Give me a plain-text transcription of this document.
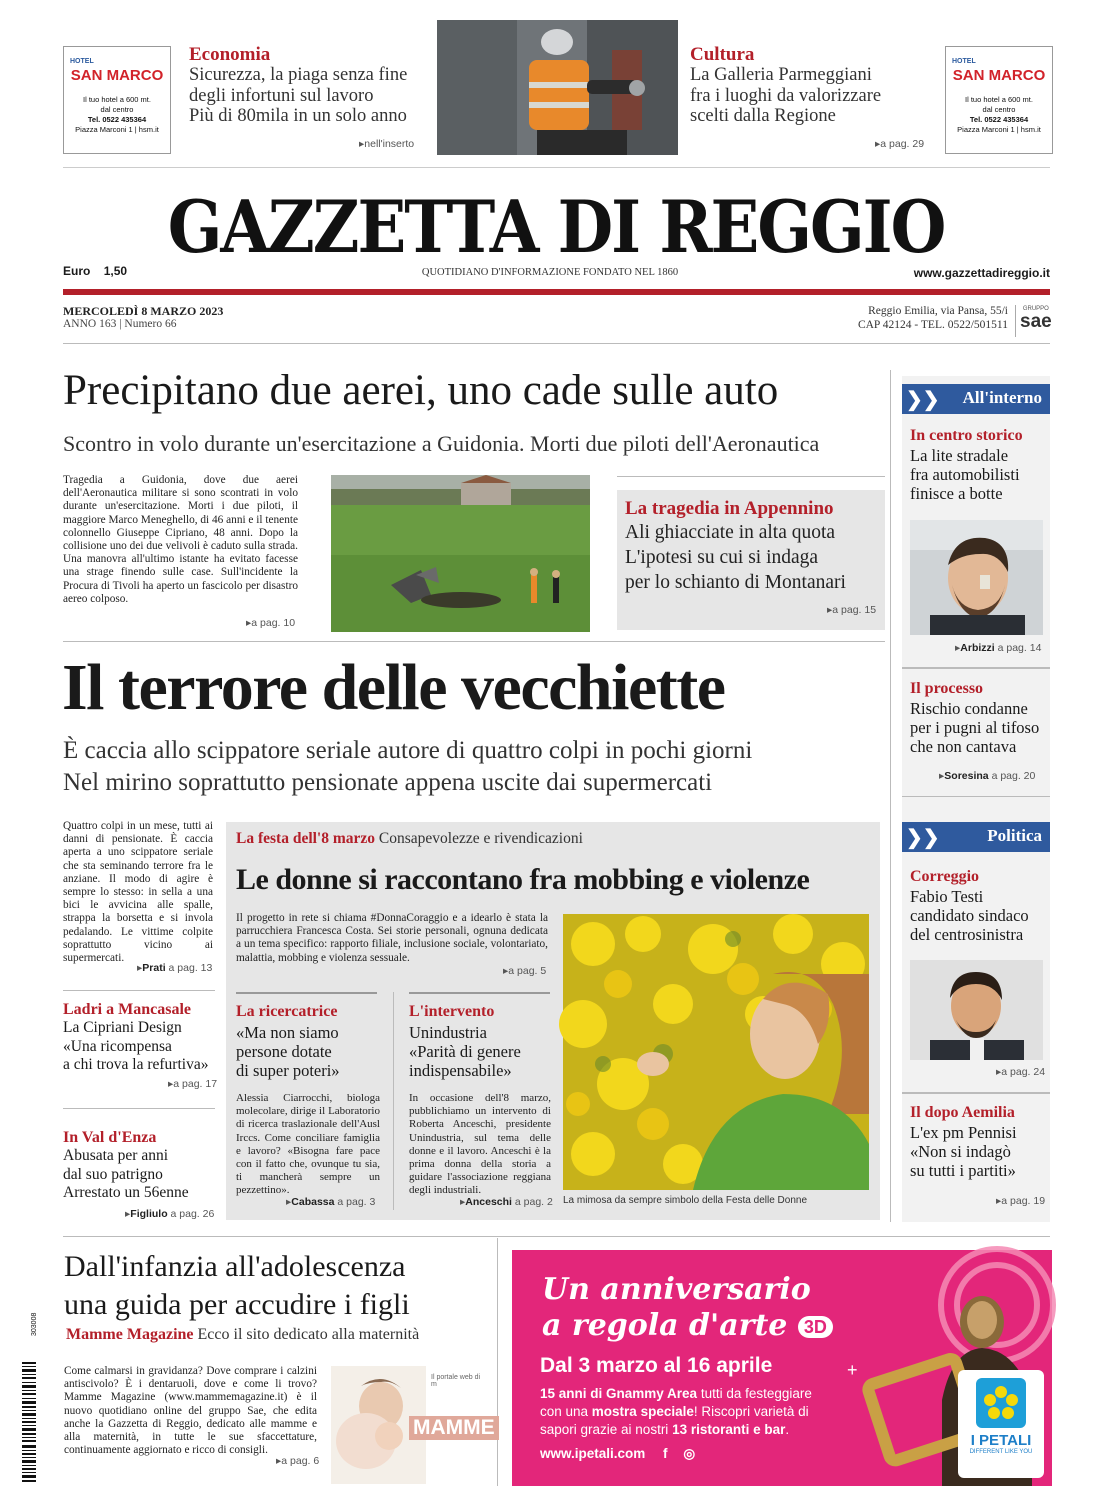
HOTEL
SAN MARCO
Il tuo hotel a 600 mt.
dal centro
Tel. 0522 435364
Piazza Marconi 1 | hsm.it
Economia
Sicurezza, la piaga senza fine
degli infortuni sul lavoro
Più di 80mila in un solo anno
▸nell'inserto
Cultura
La Galleria Parmeggiani
fra i luoghi da valorizzare
scelti dalla Regione
▸a pag. 29
HOTEL
SAN MARCO
Il tuo hotel a 600 mt.
dal centro
Tel. 0522 435364
Piazza Marconi 1 | hsm.it
GAZZETTA DI REGGIO
Euro 1,50	QUOTIDIANO D'INFORMAZIONE FONDATO NEL 1860	www.gazzettadireggio.it
MERCOLEDÌ 8 MARZO 2023
ANNO 163 | Numero 66
Reggio Emilia, via Pansa, 55/i
CAP 42124 - TEL. 0522/501511
GRUPPO
sae
Precipitano due aerei, uno cade sulle auto
Scontro in volo durante un'esercitazione a Guidonia. Morti due piloti dell'Aeronautica
Tragedia a Guidonia, dove due aerei dell'Aeronautica militare si sono scontrati in volo durante un'esercitazione. Morti i due piloti, il maggiore Marco Meneghello, di 46 anni e il tenente colonnello Giuseppe Cipriano, 48 anni. Dopo la collisione uno dei due velivoli è caduto sulla strada. Una manovra all'ultimo istante ha evitato facesse una strage finendo sulle case. Sull'incidente la Procura di Tivoli ha aperto un fascicolo per disastro aereo colposo.
▸a pag. 10
La tragedia in Appennino
Ali ghiacciate in alta quota
L'ipotesi su cui si indaga
per lo schianto di Montanari
▸a pag. 15
Il terrore delle vecchiette
È caccia allo scippatore seriale autore di quattro colpi in pochi giorni
Nel mirino soprattutto pensionate appena uscite dai supermercati
Quattro colpi in un mese, tutti ai danni di pensionate. È caccia aperta a uno scippatore seriale che sta seminando terrore fra le anziane. Il modo di agire è sempre lo stesso: in sella a una bici le avvicina alle spalle, strappa la borsetta e si invola pedalando. Le vittime colpite soprattutto vicino ai supermercati.
▸Prati a pag. 13
Ladri a Mancasale
La Cipriani Design
«Una ricompensa
a chi trova la refurtiva»
▸a pag. 17
In Val d'Enza
Abusata per anni
dal suo patrigno
Arrestato un 56enne
▸Figliulo a pag. 26
La festa dell'8 marzo Consapevolezze e rivendicazioni
Le donne si raccontano fra mobbing e violenze
Il progetto in rete si chiama #DonnaCoraggio e a idearlo è stata la parrucchiera Francesca Costa. Sei storie personali, ognuna dedicata a un tema specifico: rapporto filiale, inclusione sociale, volontariato, malattia, mobbing e violenza sessuale.
▸a pag. 5
La mimosa da sempre simbolo della Festa delle Donne
La ricercatrice
«Ma non siamo
persone dotate
di super poteri»
Alessia Ciarrocchi, biologa molecolare, dirige il Laboratorio di ricerca traslazionale dell'Ausl Irccs. Come conciliare famiglia e lavoro? «Bisogna fare pace con il fatto che, ovunque tu sia, ti mancherà sempre un pezzettino».
▸Cabassa a pag. 3
L'intervento
Unindustria
«Parità di genere
indispensabile»
In occasione dell'8 marzo, pubblichiamo un intervento di Roberta Anceschi, presidente Unindustria, sul tema delle donne e il lavoro. Anceschi è la prima donna della storia a guidare l'associazione reggiana degli industriali.
▸Anceschi a pag. 2
❯❯ All'interno
In centro storico
La lite stradale
fra automobilisti
finisce a botte
▸Arbizzi a pag. 14
Il processo
Rischio condanne
per i pugni al tifoso
che non cantava
▸Soresina a pag. 20
❯❯	Politica
Correggio
Fabio Testi
candidato sindaco
del centrosinistra
▸a pag. 24
Il dopo Aemilia
L'ex pm Pennisi
«Non si indagò
su tutti i partiti»
▸a pag. 19
Dall'infanzia all'adolescenza
una guida per accudire i figli
Mamme Magazine Ecco il sito dedicato alla maternità
Come calmarsi in gravidanza? Dove comprare i calzini antiscivolo? È i dentaruoli, dove e come li trovo? Mamme Magazine (www.mammemagazine.it) è il nuovo quotidiano online del gruppo Sae, che edita anche la Gazzetta di Reggio, dedicato alle mamme e alla maternità, in tutte le sue sfaccettature, continuamente aggiornato e ricco di consigli.
▸a pag. 6
Il portale web di m
MAMME
303008
+
Un anniversario
a regola d'arte 3D
Dal 3 marzo al 16 aprile
15 anni di Gnammy Area tutti da festeggiare
con una mostra speciale! Riscopri varietà di
sapori grazie ai nostri 13 ristoranti e bar.
www.ipetali.com f ◎
I PETALI
DIFFERENT LIKE YOU
